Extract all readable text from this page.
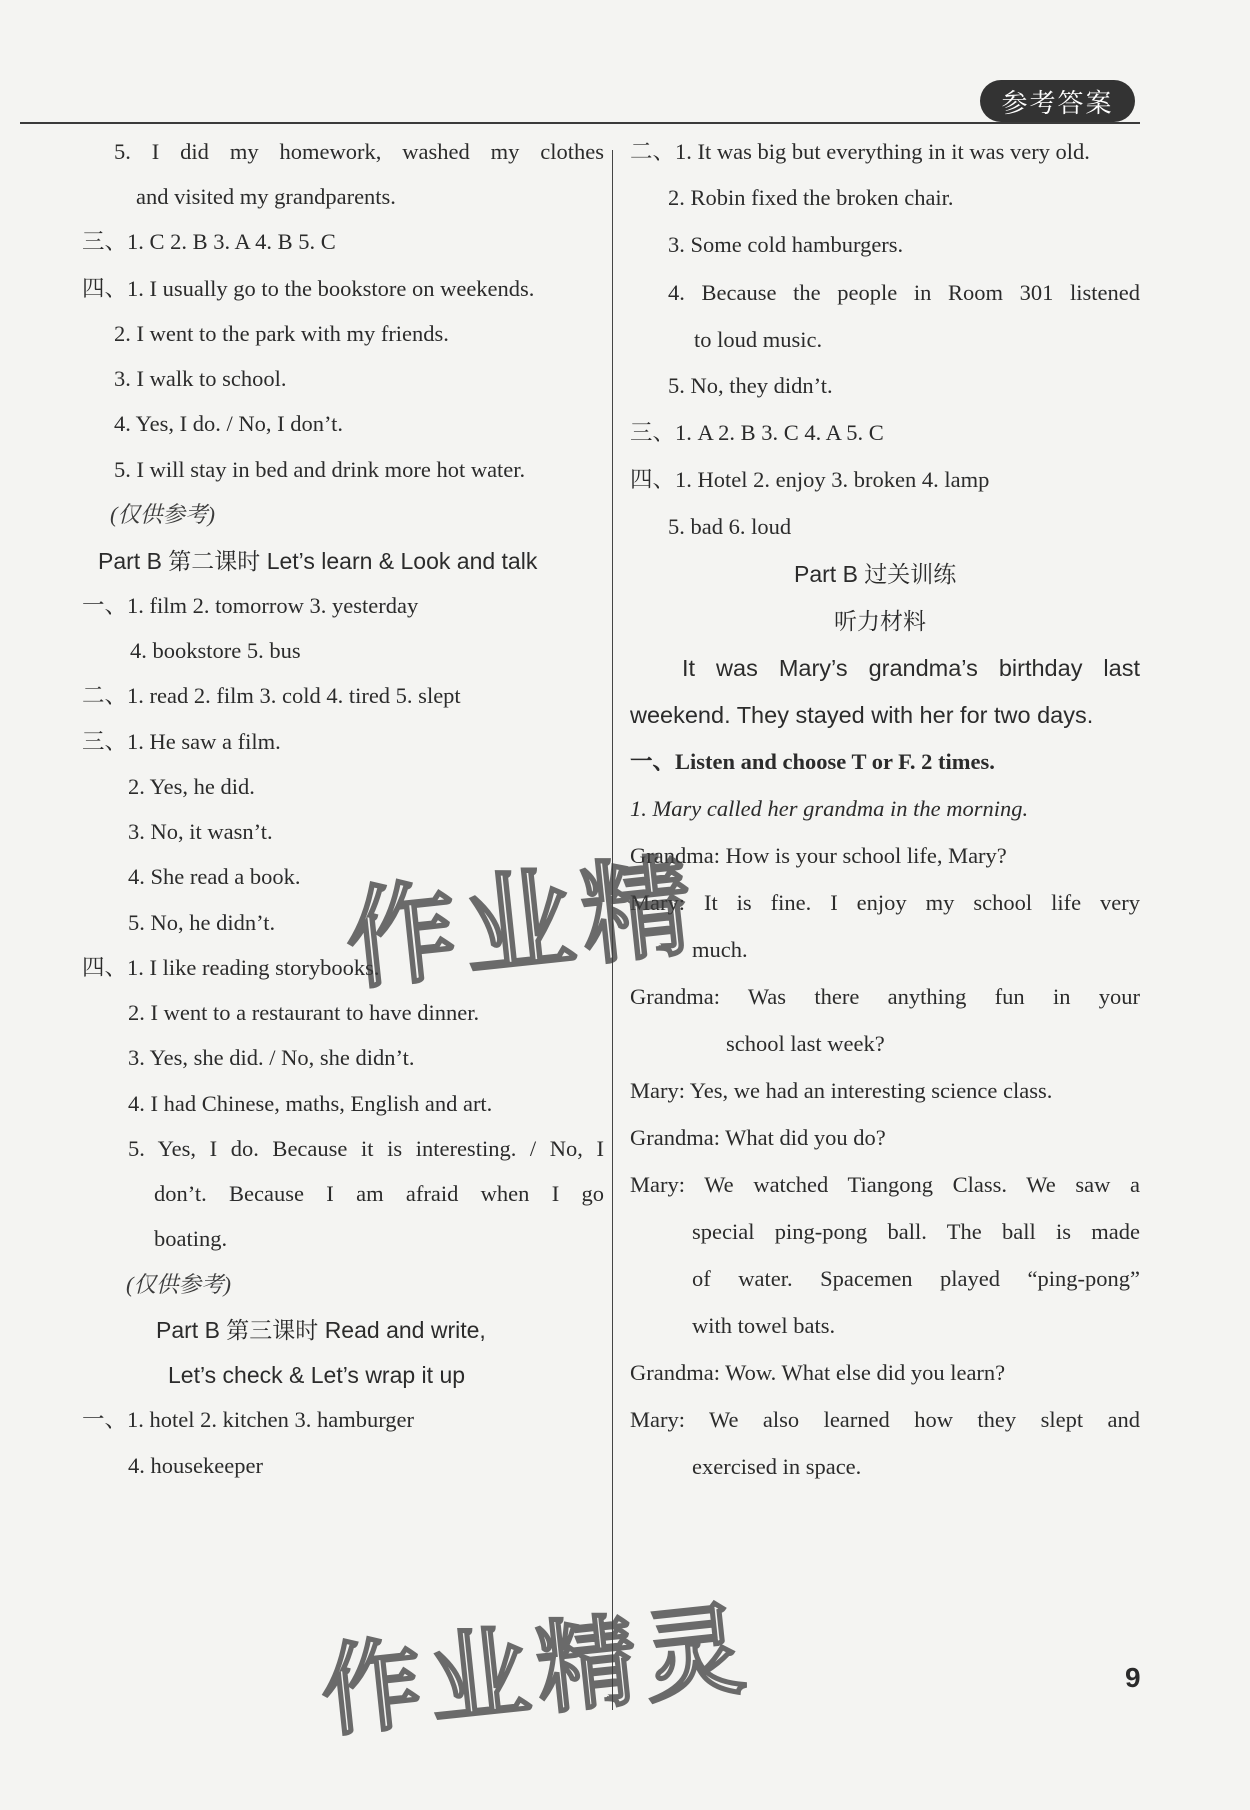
参考答案
5. I did my homework, washed my clothes
and visited my grandparents.
三、1. C 2. B 3. A 4. B 5. C
四、1. I usually go to the bookstore on weekends.
2. I went to the park with my friends.
3. I walk to school.
4. Yes, I do. / No, I don’t.
5. I will stay in bed and drink more hot water.
(仅供参考)
Part B 第二课时 Let’s learn & Look and talk
一、1. film 2. tomorrow 3. yesterday
4. bookstore 5. bus
二、1. read 2. film 3. cold 4. tired 5. slept
三、1. He saw a film.
2. Yes, he did.
3. No, it wasn’t.
4. She read a book.
5. No, he didn’t.
四、1. I like reading storybooks.
2. I went to a restaurant to have dinner.
3. Yes, she did. / No, she didn’t.
4. I had Chinese, maths, English and art.
5. Yes, I do. Because it is interesting. / No, I
don’t. Because I am afraid when I go
boating.
(仅供参考)
Part B 第三课时 Read and write,
Let’s check & Let’s wrap it up
一、1. hotel 2. kitchen 3. hamburger
4. housekeeper
二、1. It was big but everything in it was very old.
2. Robin fixed the broken chair.
3. Some cold hamburgers.
4. Because the people in Room 301 listened
to loud music.
5. No, they didn’t.
三、1. A 2. B 3. C 4. A 5. C
四、1. Hotel 2. enjoy 3. broken 4. lamp
5. bad 6. loud
Part B 过关训练
听力材料
It was Mary’s grandma’s birthday last
weekend. They stayed with her for two days.
一、Listen and choose T or F. 2 times.
1. Mary called her grandma in the morning.
Grandma: How is your school life, Mary?
Mary: It is fine. I enjoy my school life very
much.
Grandma: Was there anything fun in your
school last week?
Mary: Yes, we had an interesting science class.
Grandma: What did you do?
Mary: We watched Tiangong Class. We saw a
special ping-pong ball. The ball is made
of water. Spacemen played “ping-pong”
with towel bats.
Grandma: Wow. What else did you learn?
Mary: We also learned how they slept and
exercised in space.
作业精
作业精灵	9
